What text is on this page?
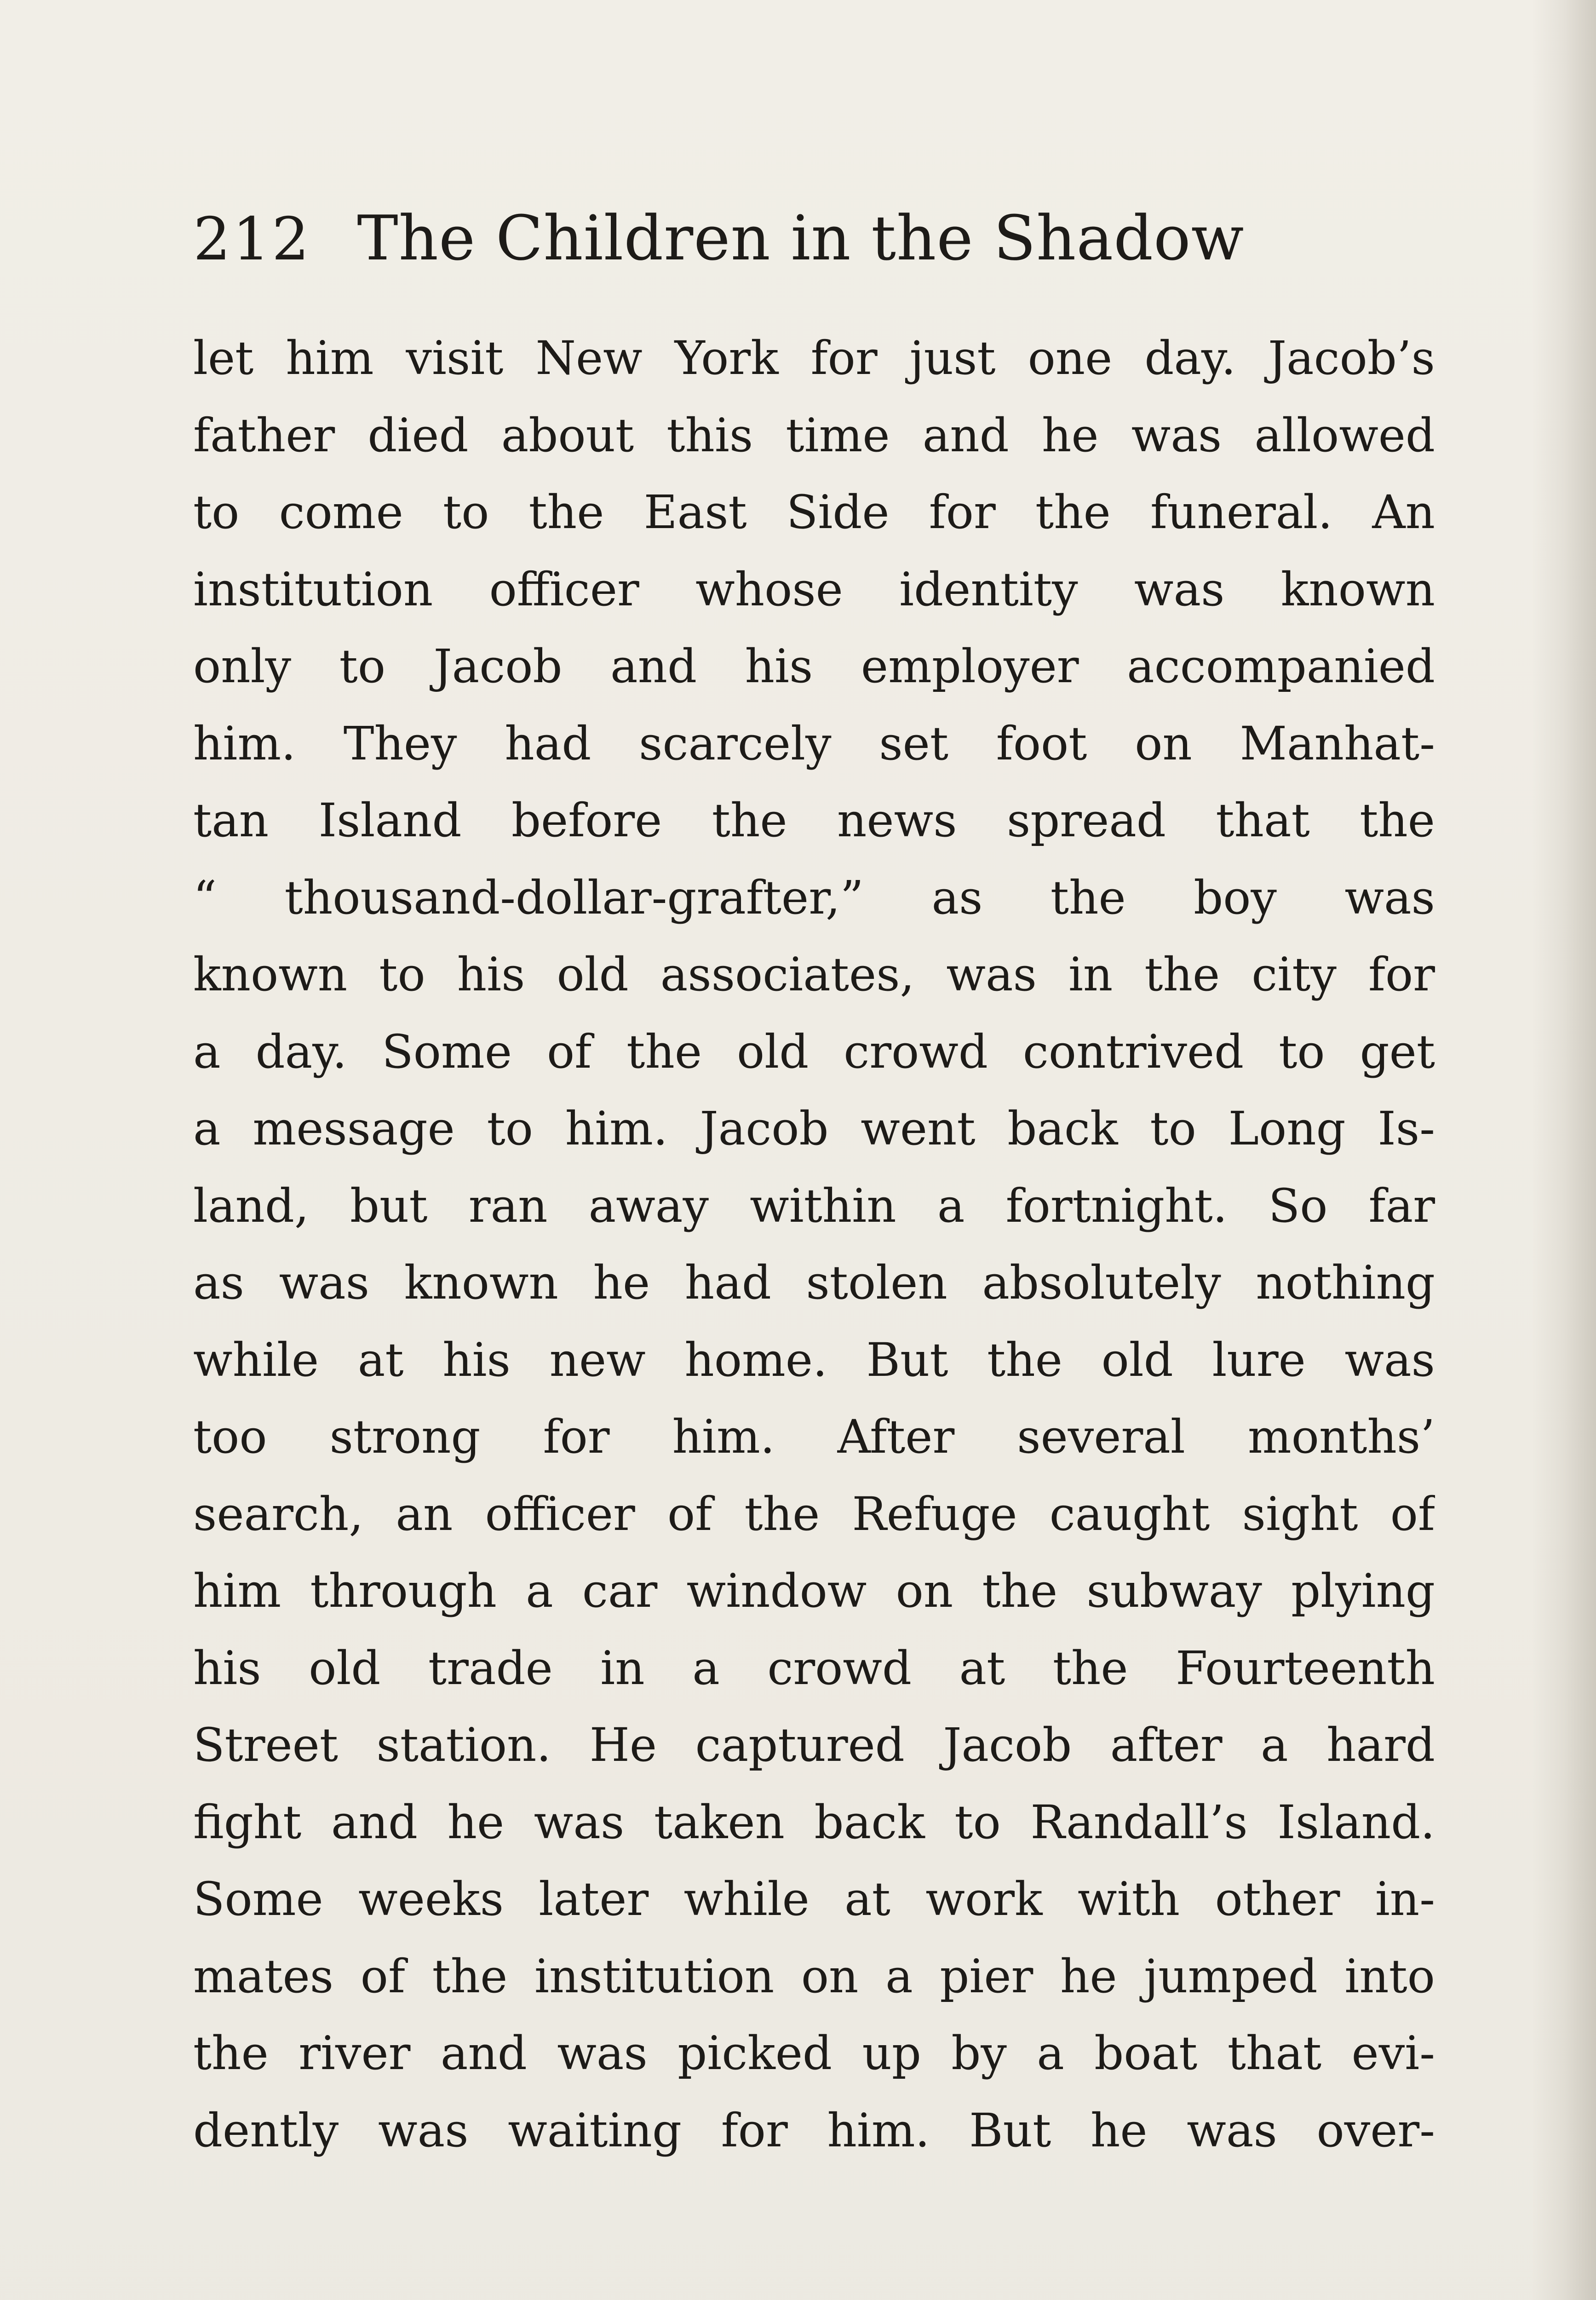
212 The Children in the Shadow
let him visit New York for just one day. Jacob’s
father died about this time and he was allowed
to come to the East Side for the funeral. An
institution officer whose identity was known
only to Jacob and his employer accompanied
him. They had scarcely set foot on Manhat-
tan Island before the news spread that the
“ thousand-dollar-grafter,” as the boy was
known to his old associates, was in the city for
a day. Some of the old crowd contrived to get
a message to him. Jacob went back to Long Is-
land, but ran away within a fortnight. So far
as was known he had stolen absolutely nothing
while at his new home. But the old lure was
too strong for him. After several months’
search, an officer of the Refuge caught sight of
him through a car window on the subway plying
his old trade in a crowd at the Fourteenth
Street station. He captured Jacob after a hard
fight and he was taken back to Randall’s Island.
Some weeks later while at work with other in-
mates of the institution on a pier he jumped into
the river and was picked up by a boat that evi-
dently was waiting for him. But he was over-
